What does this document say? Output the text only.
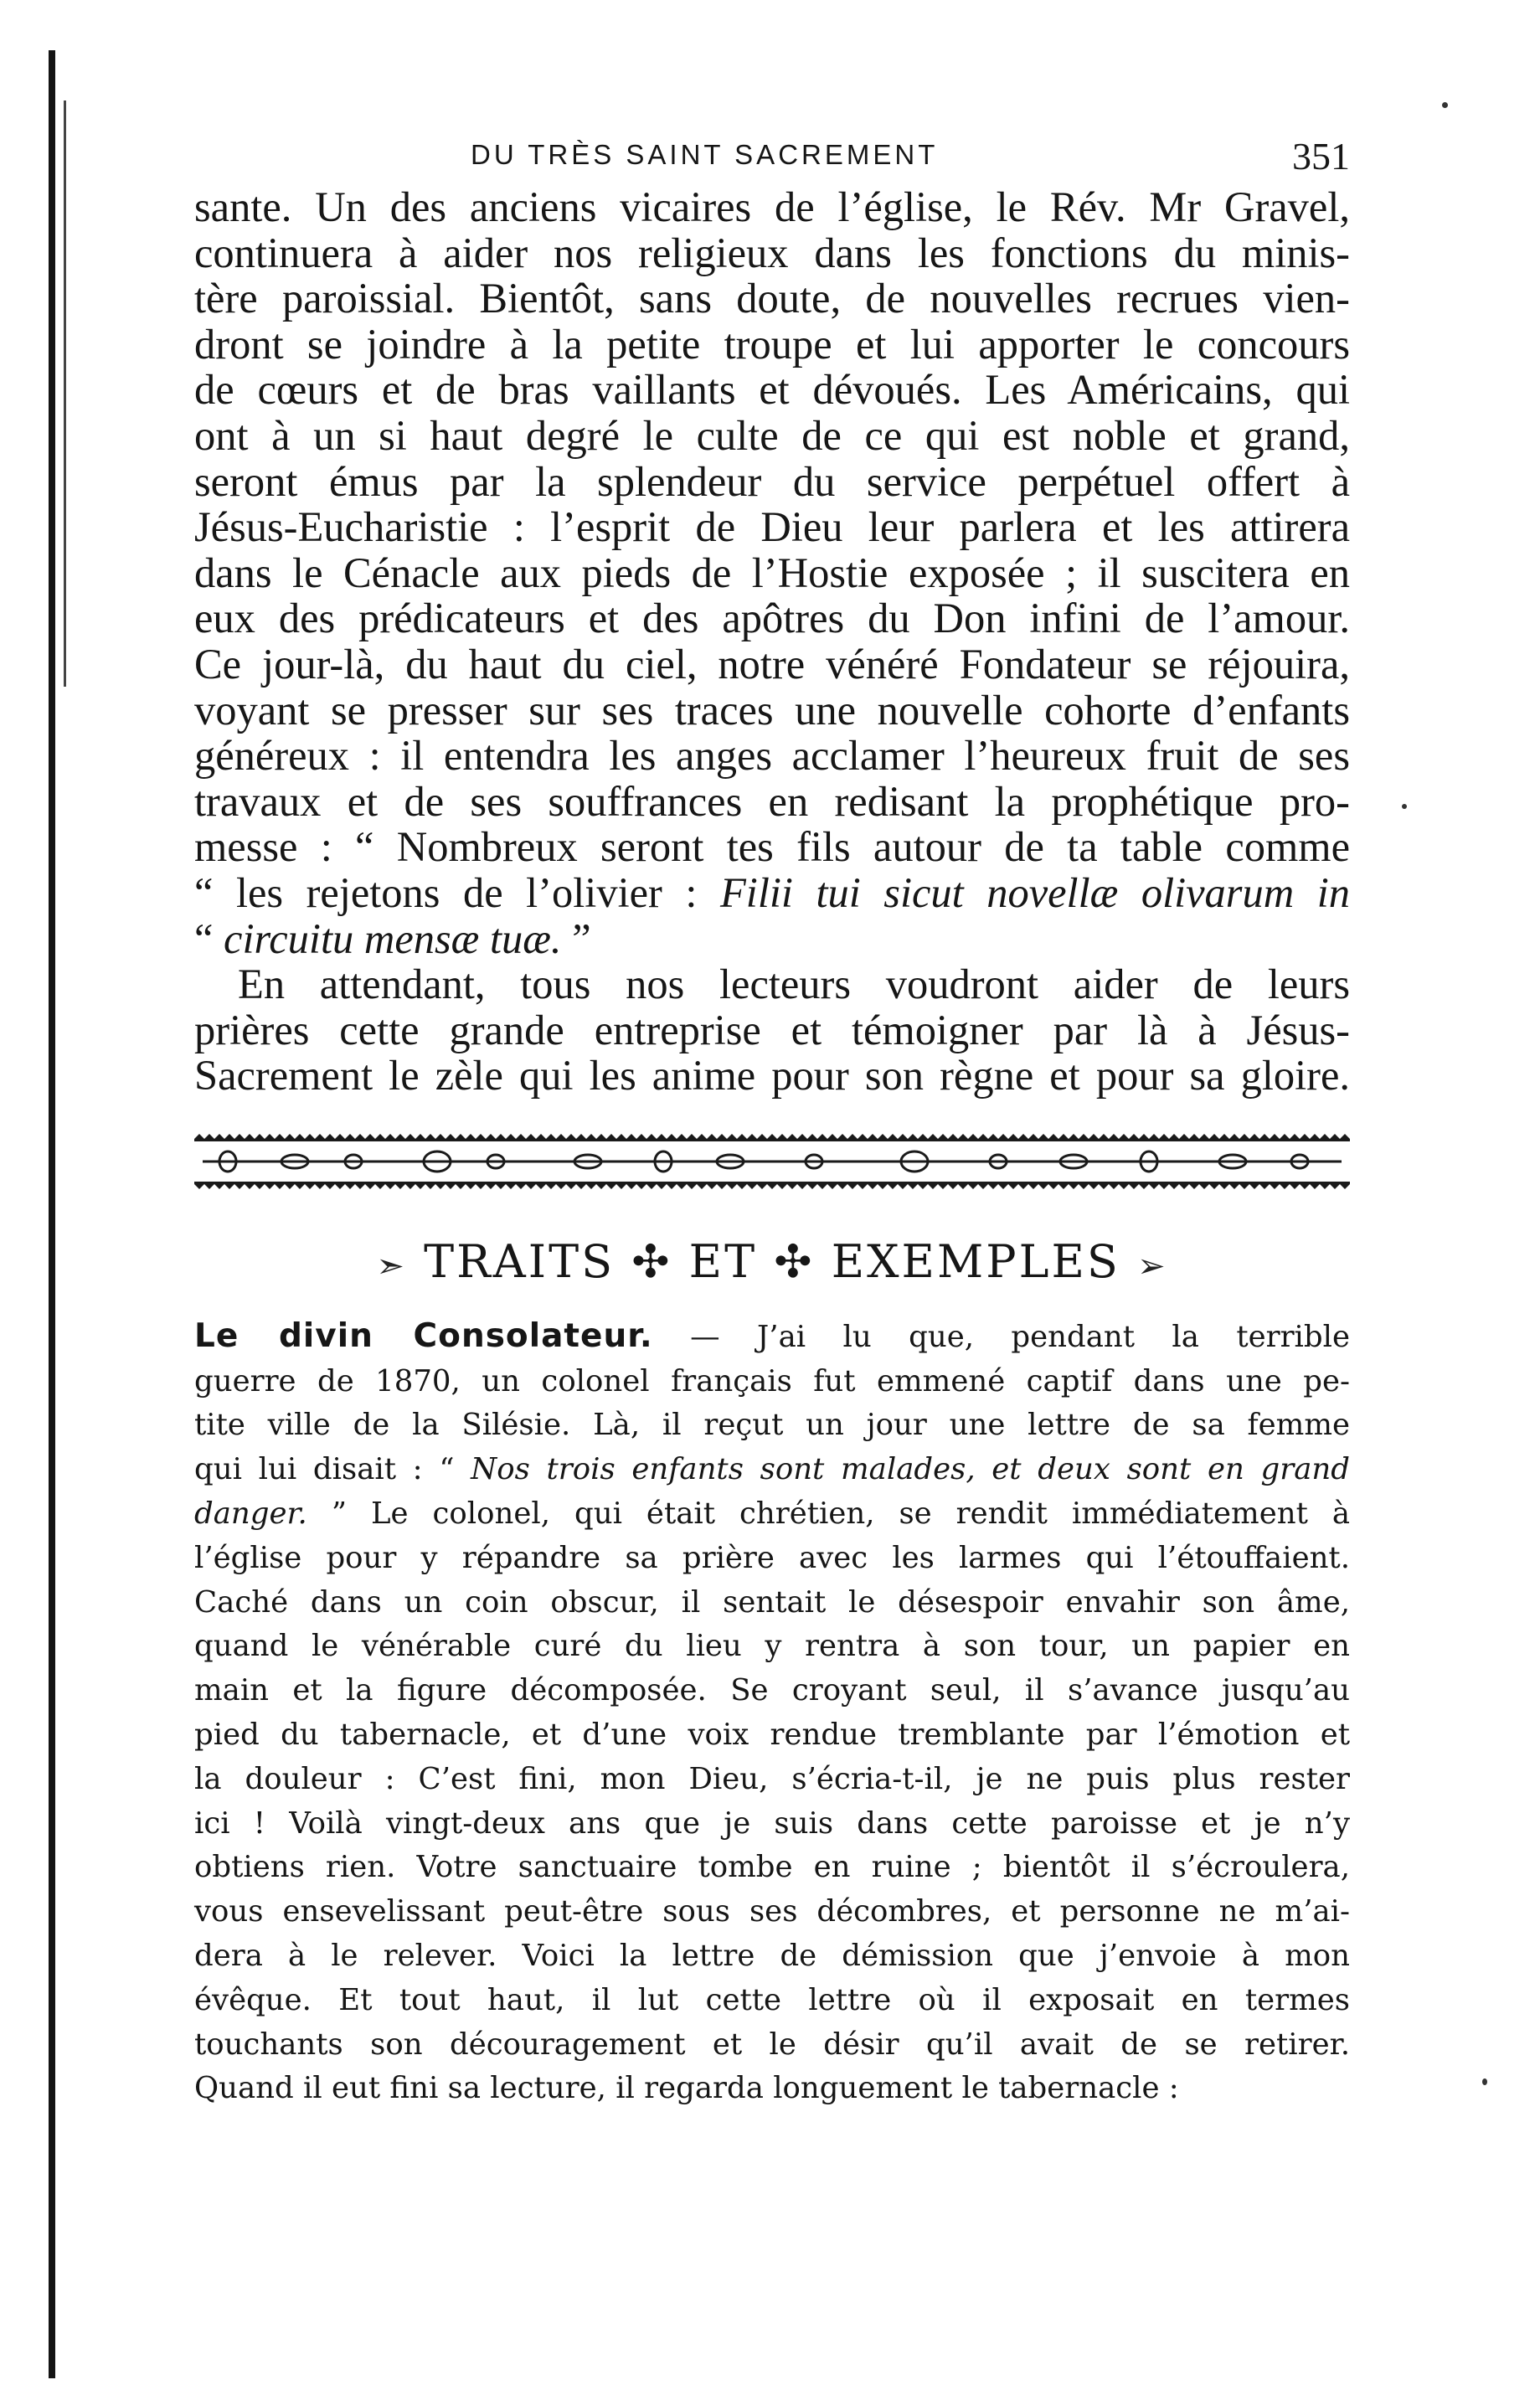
DU TRÈS SAINT SACREMENT	351
sante. Un des anciens vicaires de l’église, le Rév. Mr Gravel,
continuera à aider nos religieux dans les fonctions du minis-
tère paroissial. Bientôt, sans doute, de nouvelles recrues vien-
dront se joindre à la petite troupe et lui apporter le concours
de cœurs et de bras vaillants et dévoués. Les Américains, qui
ont à un si haut degré le culte de ce qui est noble et grand,
seront émus par la splendeur du service perpétuel offert à
Jésus-Eucharistie : l’esprit de Dieu leur parlera et les attirera
dans le Cénacle aux pieds de l’Hostie exposée ; il suscitera en
eux des prédicateurs et des apôtres du Don infini de l’amour.
Ce jour-là, du haut du ciel, notre vénéré Fondateur se réjouira,
voyant se presser sur ses traces une nouvelle cohorte d’enfants
généreux : il entendra les anges acclamer l’heureux fruit de ses
travaux et de ses souffrances en redisant la prophétique pro-
messe : “ Nombreux seront tes fils autour de ta table comme
“ les rejetons de l’olivier : Filii tui sicut novellæ olivarum in
“ circuitu mensæ tuæ. ”
En attendant, tous nos lecteurs voudront aider de leurs
prières cette grande entreprise et témoigner par là à Jésus-
Sacrement le zèle qui les anime pour son règne et pour sa gloire.
➣ TRAITS ✣ ET ✣ EXEMPLES ➢
Le divin Consolateur. — J’ai lu que, pendant la terrible
guerre de 1870, un colonel français fut emmené captif dans une pe-
tite ville de la Silésie. Là, il reçut un jour une lettre de sa femme
qui lui disait : “ Nos trois enfants sont malades, et deux sont en grand
danger. ” Le colonel, qui était chrétien, se rendit immédiatement à
l’église pour y répandre sa prière avec les larmes qui l’étouffaient.
Caché dans un coin obscur, il sentait le désespoir envahir son âme,
quand le vénérable curé du lieu y rentra à son tour, un papier en
main et la figure décomposée. Se croyant seul, il s’avance jusqu’au
pied du tabernacle, et d’une voix rendue tremblante par l’émotion et
la douleur : C’est fini, mon Dieu, s’écria-t-il, je ne puis plus rester
ici ! Voilà vingt-deux ans que je suis dans cette paroisse et je n’y
obtiens rien. Votre sanctuaire tombe en ruine ; bientôt il s’écroulera,
vous ensevelissant peut-être sous ses décombres, et personne ne m’ai-
dera à le relever. Voici la lettre de démission que j’envoie à mon
évêque. Et tout haut, il lut cette lettre où il exposait en termes
touchants son découragement et le désir qu’il avait de se retirer.
Quand il eut fini sa lecture, il regarda longuement le tabernacle :
